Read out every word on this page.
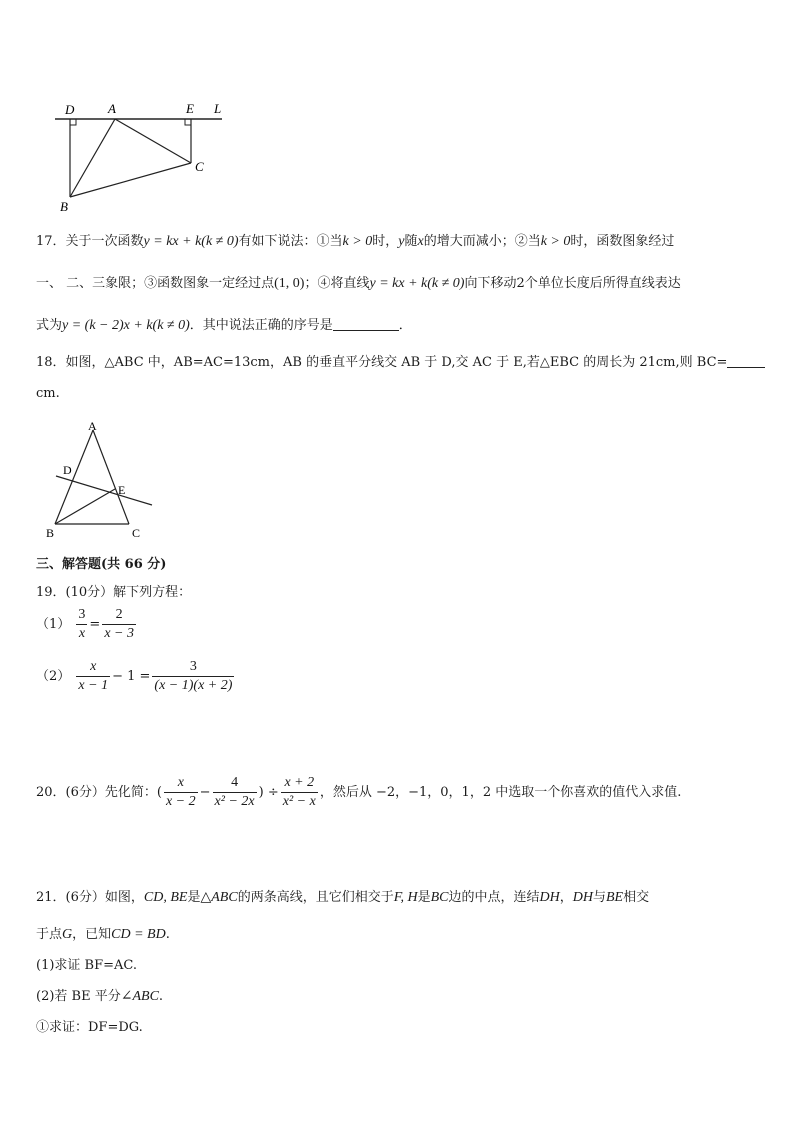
D	A	E L
B
C
17．关于一次函数y = kx + k(k ≠ 0)有如下说法：①当k > 0时，y随x的增大而减小；②当k > 0时，函数图象经过
一、 二、三象限；③函数图象一定经过点(1, 0)；④将直线y = kx + k(k ≠ 0)向下移动2个单位长度后所得直线表达
式为y = (k − 2)x + k(k ≠ 0)．其中说法正确的序号是	．
18．如图，△ABC 中，AB=AC=13cm，AB 的垂直平分线交 AB 于 D,交 AC 于 E,若△EBC 的周长为 21cm,则 BC=
cm.
A
D
E
B	C
三、解答题(共 66 分)
19．(10分）解下列方程：
$(1) \frac{3}{x} = \frac{2}{x - 3}$
$(2) \frac{x}{x - 1} - 1 = \frac{3}{(x - 1)(x + 2)}$
20．(6分）先化简：( $\frac{x}{x - 2} - \frac{4}{\text{x² − 2x}}$ ) ÷ $\frac{x + 2}{\text{x² − x}}$ ，然后从 −2，−1，0，1，2 中选取一个你喜欢的值代入求值.
21．(6分）如图，CD, BE是△ABC的两条高线，且它们相交于F, H是BC边的中点，连结DH，DH与BE相交
于点G，已知CD = BD.
(1)求证 BF=AC.
(2)若 BE 平分∠ABC.
①求证：DF=DG.
